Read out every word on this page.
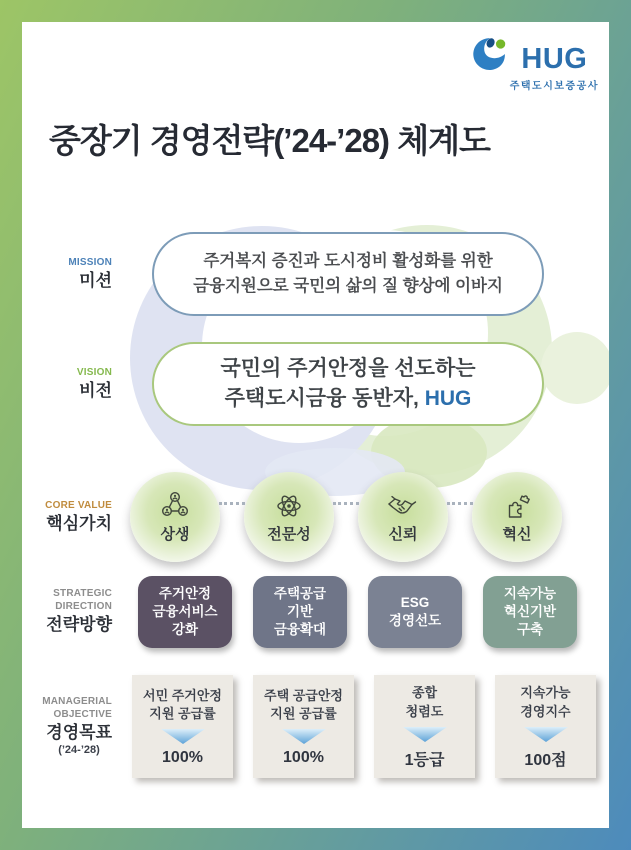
HUG
주택도시보증공사
중장기 경영전략(’24-’28) 체계도
MISSION
미션
주거복지 증진과 도시정비 활성화를 위한
금융지원으로 국민의 삶의 질 향상에 이바지
VISION
비전
국민의 주거안정을 선도하는
주택도시금융 동반자, HUG
CORE VALUE
핵심가치
상생	전문성	신뢰	혁신
STRATEGIC
DIRECTION
전략방향
주거안정
금융서비스
강화
주택공급
기반
금융확대
ESG
경영선도
지속가능
혁신기반
구축
MANAGERIAL
OBJECTIVE
경영목표
(’24-’28)
서민 주거안정
지원 공급률
100%
주택 공급안정
지원 공급률
100%
종합
청렴도
1등급
지속가능
경영지수
100점
